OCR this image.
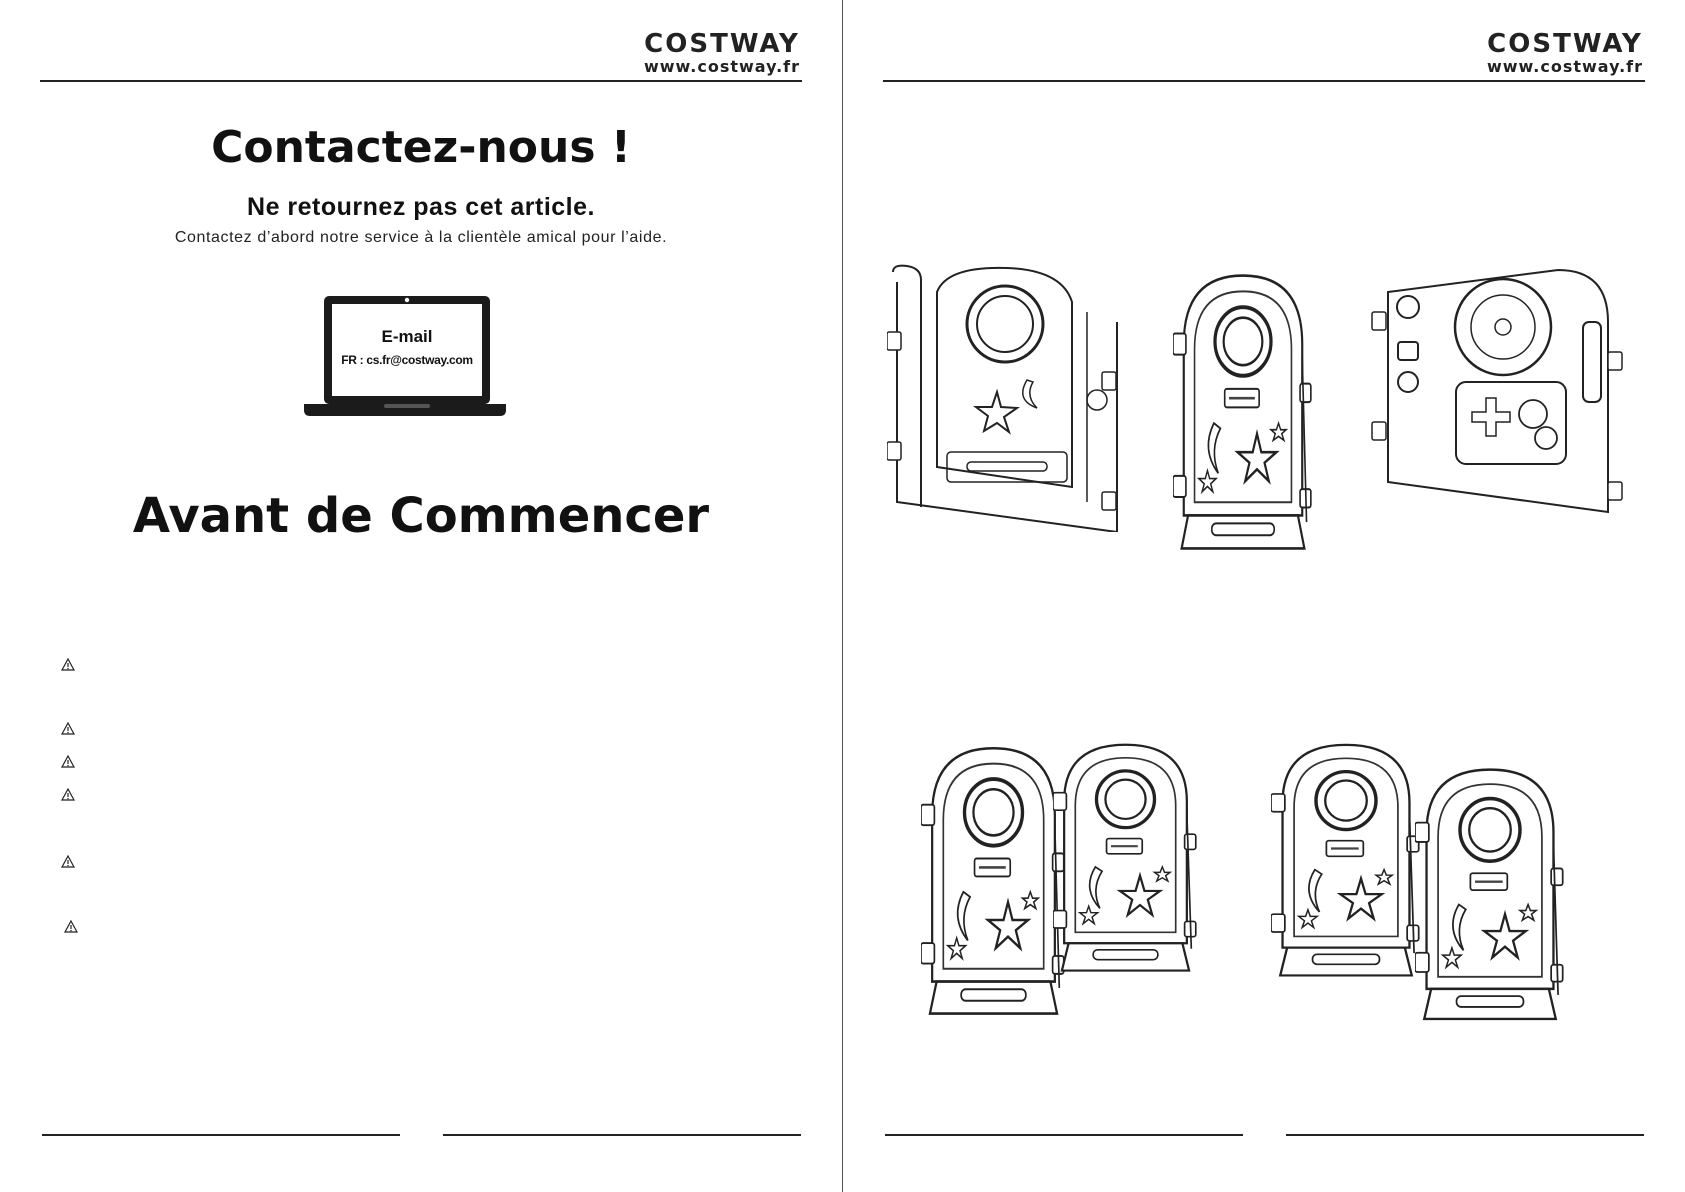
COSTWAY
www.costway.fr
Contactez-nous !
Ne retournez pas cet article.
Contactez d’abord notre service à la clientèle amical pour l’aide.
E-mail
FR : cs.fr@costway.com
Avant de Commencer
COSTWAY
www.costway.fr
